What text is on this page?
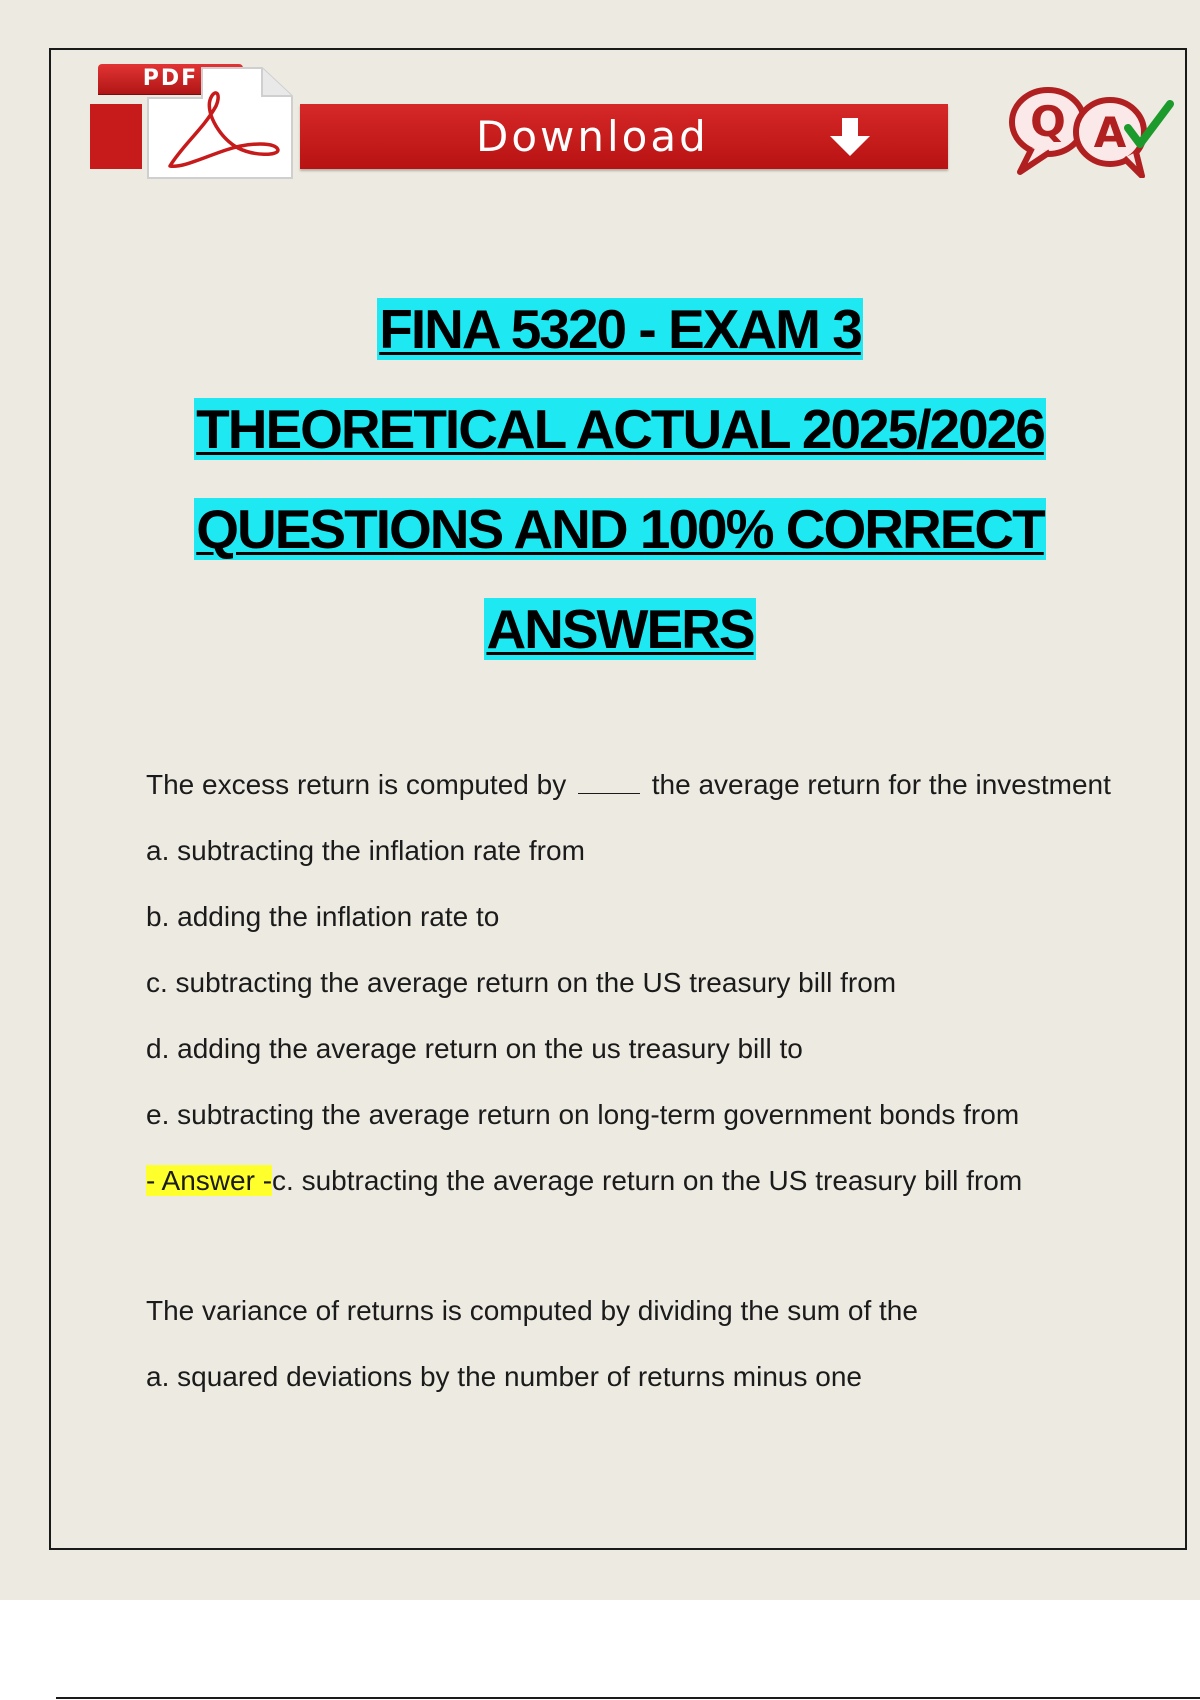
PDF
Download	Q A
FINA 5320 - EXAM 3
THEORETICAL ACTUAL 2025/2026
QUESTIONS AND 100% CORRECT
ANSWERS

The excess return is computed by	the average return for the investment

a. subtracting the inflation rate from

b. adding the inflation rate to

c. subtracting the average return on the US treasury bill from

d. adding the average return on the us treasury bill to

e. subtracting the average return on long-term government bonds from

- Answer -c. subtracting the average return on the US treasury bill from

The variance of returns is computed by dividing the sum of the

a. squared deviations by the number of returns minus one
